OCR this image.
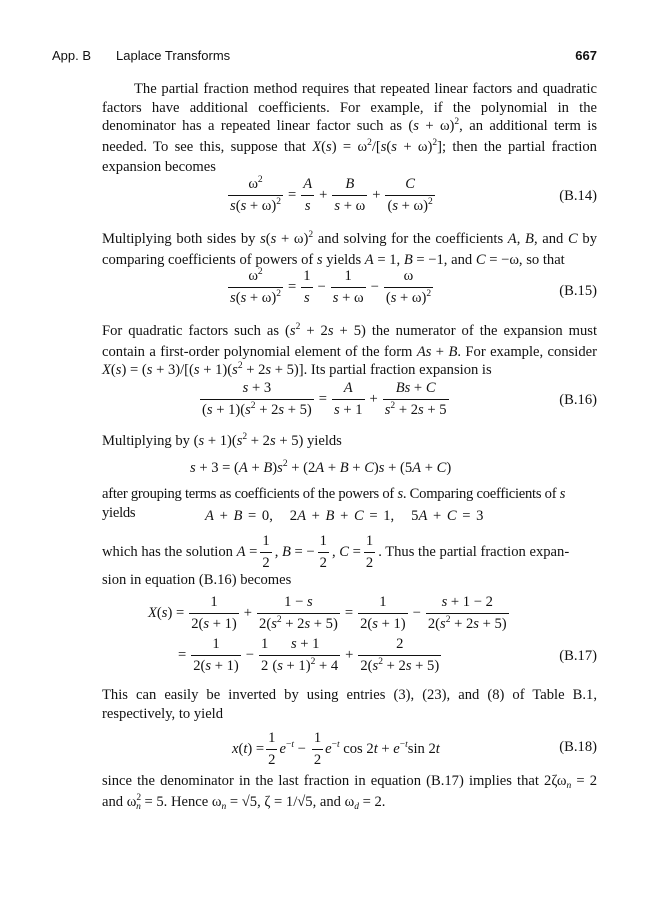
App. B Laplace Transforms	667

The partial fraction method requires that repeated linear factors and quadratic factors have additional coefficients. For example, if the polynomial in the denominator has a repeated linear factor such as $(s + \omega)^2$, an additional term is needed. To see this, suppose that $X(s) = \omega^2/[s(s + \omega)^2]$; then the partial fraction expansion becomes

$\frac{\omega^2}{s(s + \omega)^2} = \frac{A}{s} + \frac{B}{s + \omega} + \frac{C}{(s + \omega)^2}$	(B.14)

Multiplying both sides by $s(s + \omega)^2$ and solving for the coefficients A, B, and C by comparing coefficients of powers of s yields A = 1, B = −1, and C = −ω, so that

$\frac{\omega^2}{s(s + \omega)^2} = \frac{1}{s} - \frac{1}{s + \omega} - \frac{\omega}{(s + \omega)^2}$	(B.15)

For quadratic factors such as $(s^2 + 2s + 5)$ the numerator of the expansion must contain a first-order polynomial element of the form As + B. For example, consider $X(s) = (s + 3)/[(s + 1)(s^2 + 2s + 5)]$. Its partial fraction expansion is

$\frac{s + 3}{(s + 1)(s^2 + 2s + 5)} = \frac{A}{s + 1} + \frac{Bs + C}{s^2 + 2s + 5}$	(B.16)

Multiplying by $(s + 1)(s^2 + 2s + 5)$ yields

$s + 3 = (A + B)s^2 + (2A + B + C)s + (5A + C)$

after grouping terms as coefficients of the powers of s. Comparing coefficients of s yields	A + B = 0,   2A + B + C = 1,   5A + C = 3
which has the solution $A = \frac{1}{2}$ , B = − $\frac{1}{2}$ , $C = \frac{1}{2}$ . Thus the partial fraction expan-

sion in equation (B.16) becomes

$X(s) = \frac{1}{2(s + 1)} + \frac{1 - s}{2(s^2 + 2s + 5)} = \frac{1}{2(s + 1)} - \frac{s + 1 - 2}{2(s^2 + 2s + 5)}$
= $\frac{1}{2(s + 1)} - \frac{1}{2} \frac{s + 1}{(s + 1)^2 + 4} + \frac{2}{2(s^2 + 2s + 5)}$	(B.17)

This can easily be inverted by using entries (3), (23), and (8) of Table B.1, respectively, to yield

$x(t) = \frac{1}{2} e^{-t} - \frac{1}{2} e^{-t}$ $\cos 2t + e^{-t}\sin$ 2t	(B.18)

since the denominator in the last fraction in equation (B.17) implies that $2\zeta\omega_n = 2$ and $\omega^2_n = 5$. Hence $\omega_n = √5$, ζ = 1/√5, and $\omega_d = 2$.
